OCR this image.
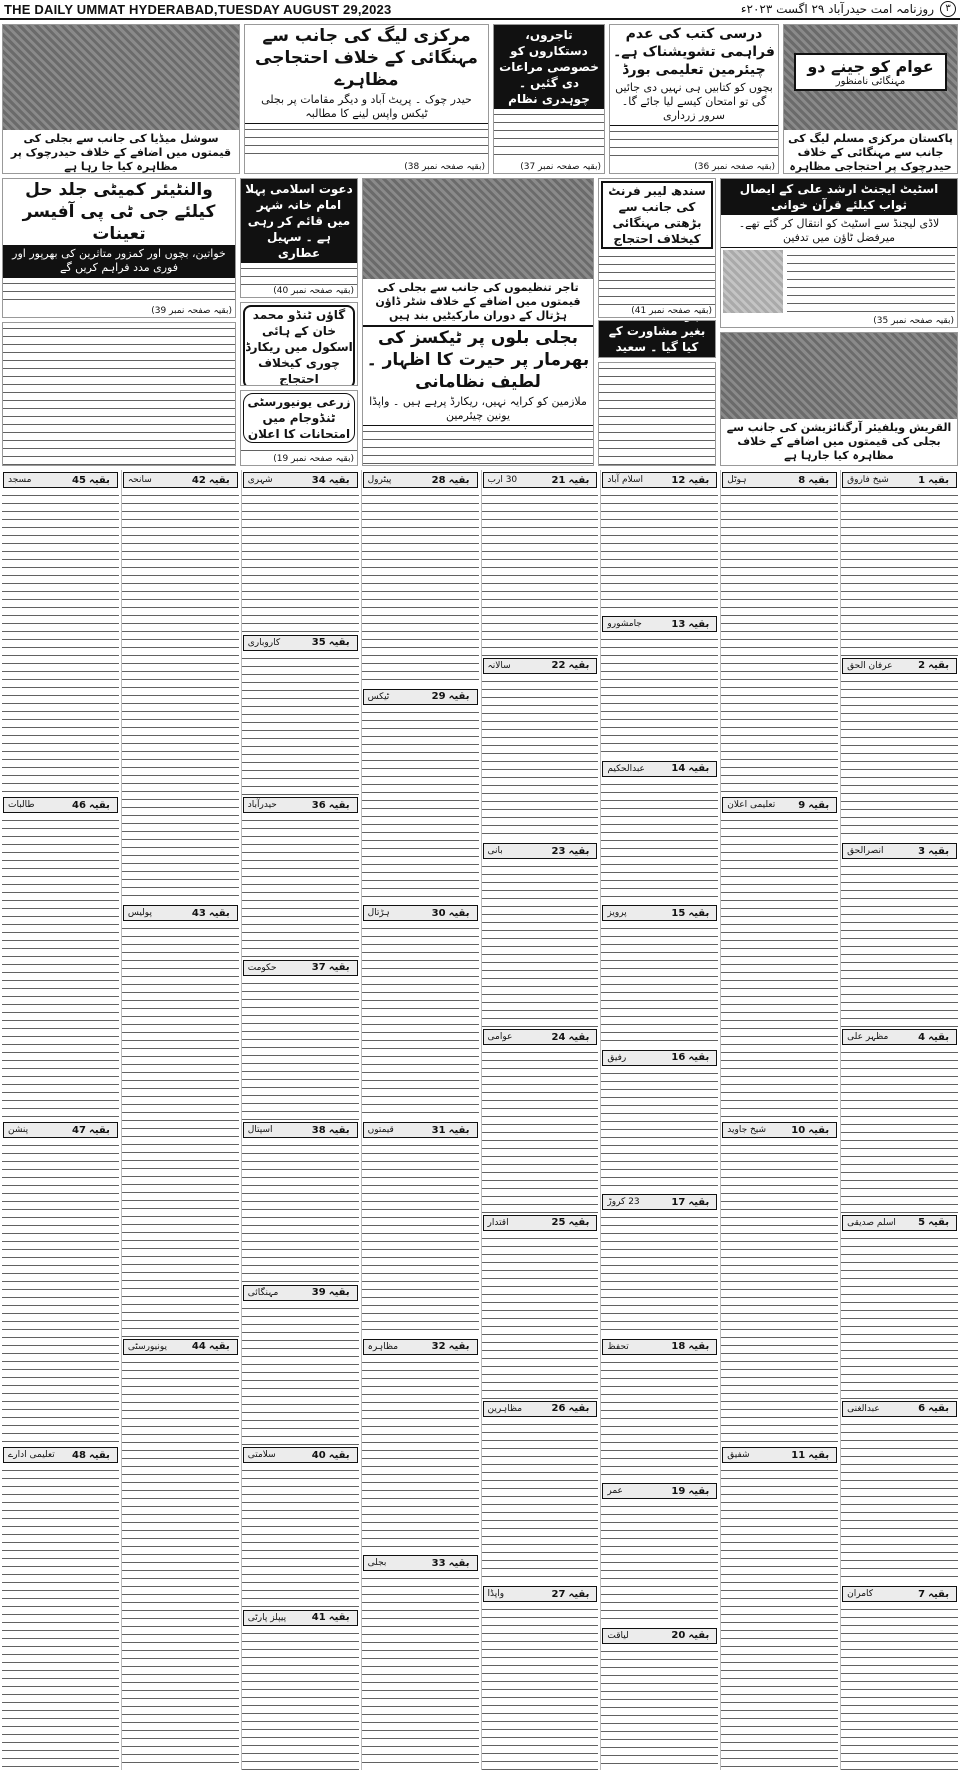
THE DAILY UMMAT HYDERABAD,TUESDAY AUGUST 29,2023	۳
روزنامہ امت حیدرآباد ۲۹ اگست ۲۰۲۳ء
عوام کو جینے دو
مہنگائی نامنظور
پاکستان مرکزی مسلم لیگ کی جانب سے مہنگائی کے خلاف حیدرچوک پر احتجاجی مظاہرہ
درسی کتب کی عدم فراہمی تشویشناک ہے۔ چیئرمین تعلیمی بورڈ
بچوں کو کتابیں ہی نہیں دی جائیں گی تو امتحان کیسے لیا جائے گا۔ سرور زرداری
(بقیہ صفحہ نمبر 36)
تاجروں، دستکاروں کو خصوصی مراعات دی گئیں ۔ چوہدری نظام
(بقیہ صفحہ نمبر 37)
مرکزی لیگ کی جانب سے مہنگائی کے خلاف احتجاجی مظاہرے
حیدر چوک ۔ پریٹ آباد و دیگر مقامات پر بجلی ٹیکس واپس لینے کا مطالبہ
(بقیہ صفحہ نمبر 38)
سوشل میڈیا کی جانب سے بجلی کی قیمتوں میں اضافے کے خلاف حیدرچوک پر مظاہرہ کیا جا رہا ہے
اسٹیٹ ایجنٹ ارشد علی کے ایصال ثواب کیلئے قرآن خوانی
لاڈی لیجنڈ سے اسٹیٹ کو انتقال کر گئے تھے۔ میرفضل ٹاؤن میں تدفین
(بقیہ صفحہ نمبر 35)
سندھ لیبر فرنٹ کی جانب سے بڑھتی مہنگائی کیخلاف احتجاج
(بقیہ صفحہ نمبر 41)
بغیر مشاورت کے کیا گیا ۔ سعید
القریش ویلفیئر آرگنائزیشن کی جانب سے بجلی کی قیمتوں میں اضافے کے خلاف مظاہرہ کیا جارہا ہے
تاجر تنظیموں کی جانب سے بجلی کی قیمتوں میں اضافے کے خلاف شٹر ڈاؤن ہڑتال کے دوران مارکیٹیں بند ہیں
بجلی بلوں پر ٹیکسز کی بھرمار پر حیرت کا اظہار ۔ لطیف نظامانی
ملازمین کو کرایہ نہیں، ریکارڈ پرہے ہیں ۔ واپڈا یونین چیئرمین
دعوت اسلامی پہلا امام خانہ شہر میں قائم کر رہی ہے ۔ سہیل عطاری
(بقیہ صفحہ نمبر 40)
گاؤں ٹنڈو محمد خان کے ہائی اسکول میں ریکارڈ چوری کیخلاف احتجاج
زرعی یونیورسٹی ٹنڈوجام میں امتحانات کا اعلان
(بقیہ صفحہ نمبر 19)
والنٹیئر کمیٹی جلد حل کیلئے جی ٹی پی آفیسر تعینات
خواتین، بچوں اور کمزور متاثرین کی بھرپور اور فوری مدد فراہم کریں گے
(بقیہ صفحہ نمبر 39)
بقیہ1
شیخ فاروق
بقیہ2
عرفان الحق
بقیہ3
انصرالحق
بقیہ4
مظہر علی
بقیہ5
اسلم صدیقی
بقیہ6
عبدالغنی
بقیہ7
کامران
بقیہ8
ہوٹل
بقیہ9
تعلیمی اعلان
بقیہ10
شیخ جاوید
بقیہ11
شفیق
بقیہ12
اسلام آباد
بقیہ13
جامشورو
بقیہ14
عبدالحکیم
بقیہ15
پرویز
بقیہ16
رفیق
بقیہ17
23 کروڑ
بقیہ18
تحفظ
بقیہ19
عمر
بقیہ20
لیاقت
بقیہ21
30 ارب
بقیہ22
سالانہ
بقیہ23
بانی
بقیہ24
عوامی
بقیہ25
اقتدار
بقیہ26
مظاہرین
بقیہ27
واپڈا
بقیہ28
پیٹرول
بقیہ29
ٹیکس
بقیہ30
ہڑتال
بقیہ31
قیمتوں
بقیہ32
مظاہرہ
بقیہ33
بجلی
بقیہ34
شہری
بقیہ35
کاروباری
بقیہ36
حیدرآباد
بقیہ37
حکومت
بقیہ38
اسپتال
بقیہ39
مہنگائی
بقیہ40
سلامتی
بقیہ41
پیپلز پارٹی
بقیہ42
سانحہ
بقیہ43
پولیس
بقیہ44
یونیورسٹی
بقیہ45
مسجد
بقیہ46
طالبات
بقیہ47
پنشن
بقیہ48
تعلیمی ادارے
